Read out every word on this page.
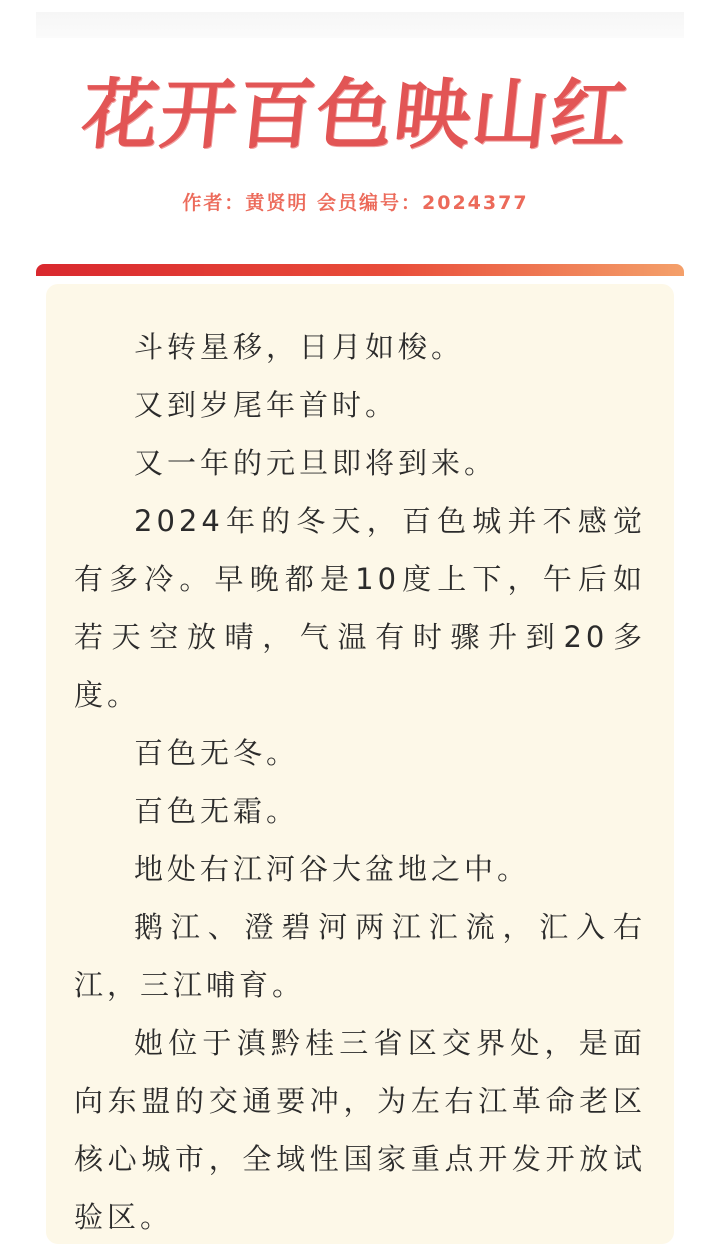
花开百色映山红
作者：黄贤明 会员编号：2024377

斗转星移，日月如梭。

又到岁尾年首时。

又一年的元旦即将到来。

2024年的冬天，百色城并不感觉有多冷。早晚都是10度上下，午后如若天空放晴，气温有时骤升到20多度。

百色无冬。

百色无霜。

地处右江河谷大盆地之中。

鹅江、澄碧河两江汇流，汇入右江，三江哺育。

她位于滇黔桂三省区交界处，是面向东盟的交通要冲，为左右江革命老区核心城市，全域性国家重点开发开放试验区。
